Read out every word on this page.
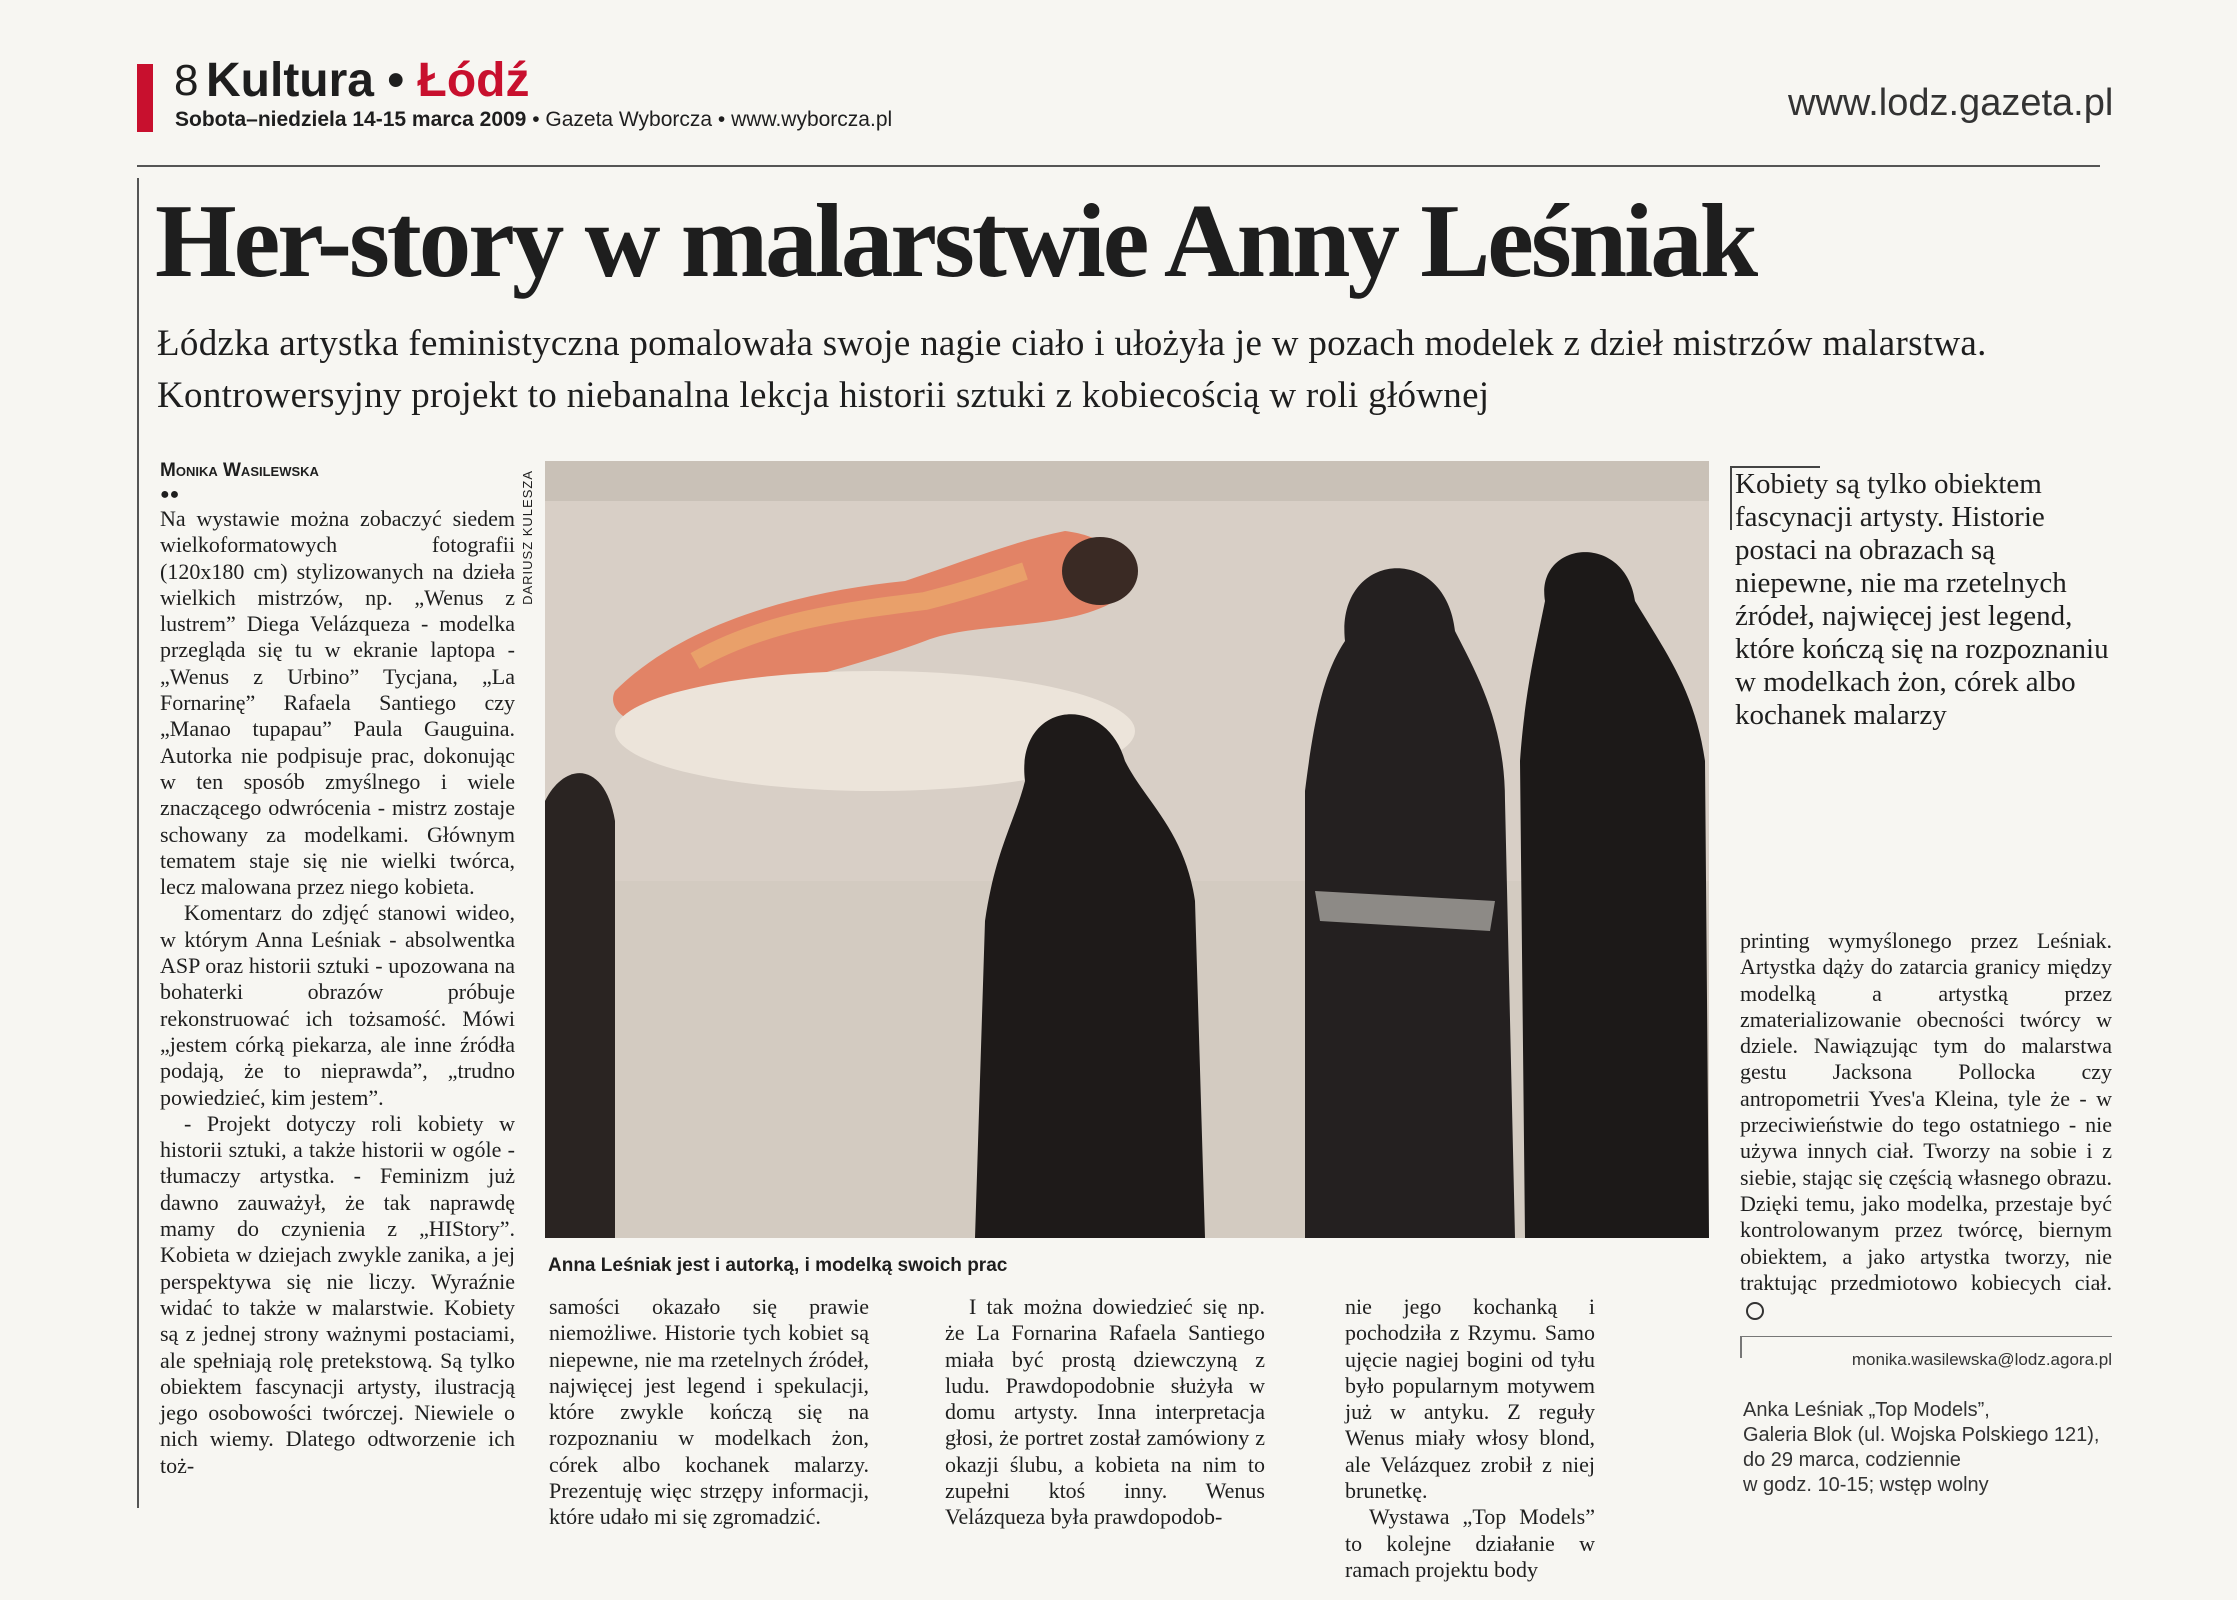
8 Kultura • Łódź
Sobota–niedziela 14-15 marca 2009 • Gazeta Wyborcza • www.wyborcza.pl	www.lodz.gazeta.pl
Her-story w malarstwie Anny Leśniak
Łódzka artystka feministyczna pomalowała swoje nagie ciało i ułożyła je w pozach modelek z dzieł mistrzów malarstwa. Kontrowersyjny projekt to niebanalna lekcja historii sztuki z kobiecością w roli głównej
Monika Wasilewska
●●

Na wystawie można zobaczyć siedem wielkoformatowych fotografii (120x180 cm) stylizowanych na dzieła wielkich mistrzów, np. „Wenus z lustrem” Diega Velázqueza - modelka przegląda się tu w ekranie laptopa - „Wenus z Urbino” Tycjana, „La Fornarinę” Rafaela Santiego czy „Manao tupapau” Paula Gauguina. Autorka nie podpisuje prac, dokonując w ten sposób zmyślnego i wiele znaczącego odwrócenia - mistrz zostaje schowany za modelkami. Głównym tematem staje się nie wielki twórca, lecz malowana przez niego kobieta.

Komentarz do zdjęć stanowi wideo, w którym Anna Leśniak - absolwentka ASP oraz historii sztuki - upozowana na bohaterki obrazów próbuje rekonstruować ich tożsamość. Mówi „jestem córką piekarza, ale inne źródła podają, że to nieprawda”, „trudno powiedzieć, kim jestem”.

- Projekt dotyczy roli kobiety w historii sztuki, a także historii w ogóle - tłumaczy artystka. - Feminizm już dawno zauważył, że tak naprawdę mamy do czynienia z „HIStory”. Kobieta w dziejach zwykle zanika, a jej perspektywa się nie liczy. Wyraźnie widać to także w malarstwie. Kobiety są z jednej strony ważnymi postaciami, ale spełniają rolę pretekstową. Są tylko obiektem fascynacji artysty, ilustracją jego osobowości twórczej. Niewiele o nich wiemy. Dlatego odtworzenie ich toż-

DARIUSZ KULESZA
Anna Leśniak jest i autorką, i modelką swoich prac
Kobiety są tylko obiektem fascynacji artysty. Historie postaci na obrazach są niepewne, nie ma rzetelnych źródeł, najwięcej jest legend, które kończą się na rozpoznaniu w modelkach żon, córek albo kochanek malarzy

samości okazało się prawie niemożliwe. Historie tych kobiet są niepewne, nie ma rzetelnych źródeł, najwięcej jest legend i spekulacji, które zwykle kończą się na rozpoznaniu w modelkach żon, córek albo kochanek malarzy. Prezentuję więc strzępy informacji, które udało mi się zgromadzić.

I tak można dowiedzieć się np. że La Fornarina Rafaela Santiego miała być prostą dziewczyną z ludu. Prawdopodobnie służyła w domu artysty. Inna interpretacja głosi, że portret został zamówiony z okazji ślubu, a kobieta na nim to zupełni ktoś inny. Wenus Velázqueza była prawdopodob-

nie jego kochanką i pochodziła z Rzymu. Samo ujęcie nagiej bogini od tyłu było popularnym motywem już w antyku. Z reguły Wenus miały włosy blond, ale Velázquez zrobił z niej brunetkę.

Wystawa „Top Models” to kolejne działanie w ramach projektu body

printing wymyślonego przez Leśniak. Artystka dąży do zatarcia granicy między modelką a artystką przez zmaterializowanie obecności twórcy w dziele. Nawiązując tym do malarstwa gestu Jacksona Pollocka czy antropometrii Yves'a Kleina, tyle że - w przeciwieństwie do tego ostatniego - nie używa innych ciał. Tworzy na sobie i z siebie, stając się częścią własnego obrazu. Dzięki temu, jako modelka, przestaje być kontrolowanym przez twórcę, biernym obiektem, a jako artystka tworzy, nie traktując przedmiotowo kobiecych ciał.

monika.wasilewska@lodz.agora.pl
Anka Leśniak „Top Models”,
Galeria Blok (ul. Wojska Polskiego 121),
do 29 marca, codziennie
w godz. 10-15; wstęp wolny
